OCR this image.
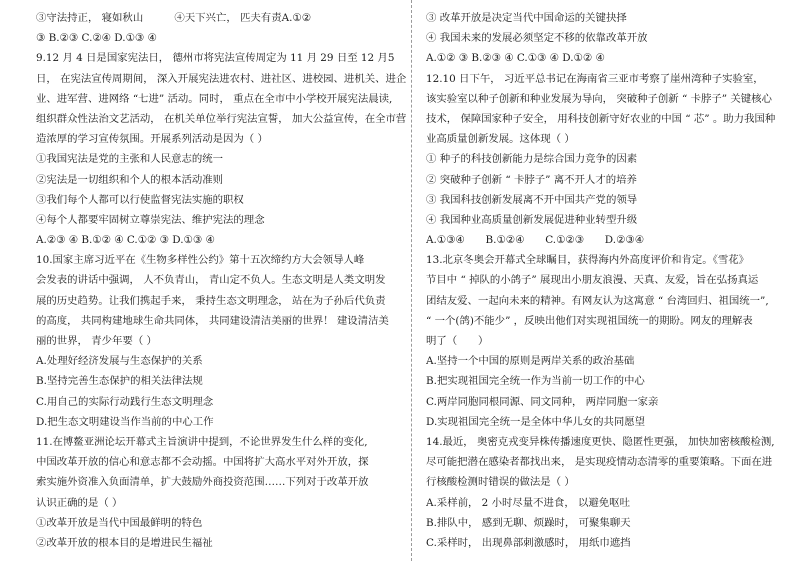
③守法持正， 寝如秋山　　　④天下兴亡， 匹夫有责A.①②
③ B.②③ C.②④ D.①③ ④
9.12 月 4 日是国家宪法日， 德州市将宪法宣传周定为 11 月 29 日至 12 月5
日， 在宪法宣传周期间， 深入开展宪法进农村、进社区、进校园、进机关、进企
业、进军营、进网络 “七进” 活动。同时， 重点在全市中小学校开展宪法晨读,
组织群众性法治文艺活动， 在机关单位举行宪法宣誓， 加大公益宣传，在全市营
造浓厚的学习宣传氛围。开展系列活动是因为（ ）
①我国宪法是党的主张和人民意志的统一
②宪法是一切组织和个人的根本活动准则
③我们每个人都可以行使监督宪法实施的职权
④每个人都要牢固树立尊崇宪法、维护宪法的理念
A.②③ ④ B.①② ④ C.①② ③ D.①③ ④
10.国家主席习近平在《生物多样性公约》第十五次缔约方大会领导人峰
会发表的讲话中强调， 人不负青山， 青山定不负人。生态文明是人类文明发
展的历史趋势。让我们携起手来， 秉持生态文明理念， 站在为子孙后代负责
的高度， 共同构建地球生命共同体， 共同建设清洁美丽的世界！ 建设清洁美
丽的世界， 青少年要（ ）
A.处理好经济发展与生态保护的关系
B.坚持完善生态保护的相关法律法规
C.用自己的实际行动践行生态文明理念
D.把生态文明建设当作当前的中心工作
11.在博鳌亚洲论坛开幕式主旨演讲中提到，不论世界发生什么样的变化,
中国改革开放的信心和意志都不会动摇。中国将扩大高水平对外开放，探
索实施外资准入负面清单，扩大鼓励外商投资范围……下列对于改革开放
认识正确的是（ ）
①改革开放是当代中国最鲜明的特色
②改革开放的根本目的是增进民生福祉
③ 改革开放是决定当代中国命运的关键抉择
④ 我国未来的发展必须坚定不移的依靠改革开放
A.①② ③ B.②③ ④ C.①③ ④ D.①② ④
12.10 日下午， 习近平总书记在海南省三亚市考察了崖州湾种子实验室，
该实验室以种子创新和种业发展为导向， 突破种子创新 “ 卡脖子” 关键核心
技术， 保障国家种子安全， 用科技创新守好农业的中国 “ 芯” 。助力我国种
业高质量创新发展。这体现（ ）
① 种子的科技创新能力是综合国力竞争的因素
② 突破种子创新 “ 卡脖子” 离不开人才的培养
③ 我国科技创新发展离不开中国共产党的领导
④ 我国种业高质量创新发展促进种业转型升级
A.①③④　　B.①②④　　C.①②③　　D.②③④
13.北京冬奥会开幕式全球瞩目，获得海内外高度评价和肯定。《雪花》
节目中 “ 掉队的小鸽子” 展现出小朋友浪漫、天真、友爱，旨在弘扬真运
团结友爱、一起向未来的精神。有网友认为这寓意 “ 台湾回归、祖国统一”,
“ 一个(鸽)不能少” ，反映出他们对实现祖国统一的期盼。网友的理解表
明了（　　）
A.坚持一个中国的原则是两岸关系的政治基础
B.把实现祖国完全统一作为当前一切工作的中心
C.两岸同胞同根同源、同文同种， 两岸同胞一家亲
D.实现祖国完全统一是全体中华儿女的共同愿望
14.最近， 奥密克戎变异株传播速度更快、隐匿性更强， 加快加密核酸检测,
尽可能把潜在感染者都找出来， 是实现疫情动态清零的重要策略。下面在进
行核酸检测时错误的做法是（ ）
A.采样前， 2 小时尽量不进食， 以避免呕吐
B.排队中， 感到无聊、烦躁时， 可聚集聊天
C.采样时， 出现鼻部刺激感时， 用纸巾遮挡
